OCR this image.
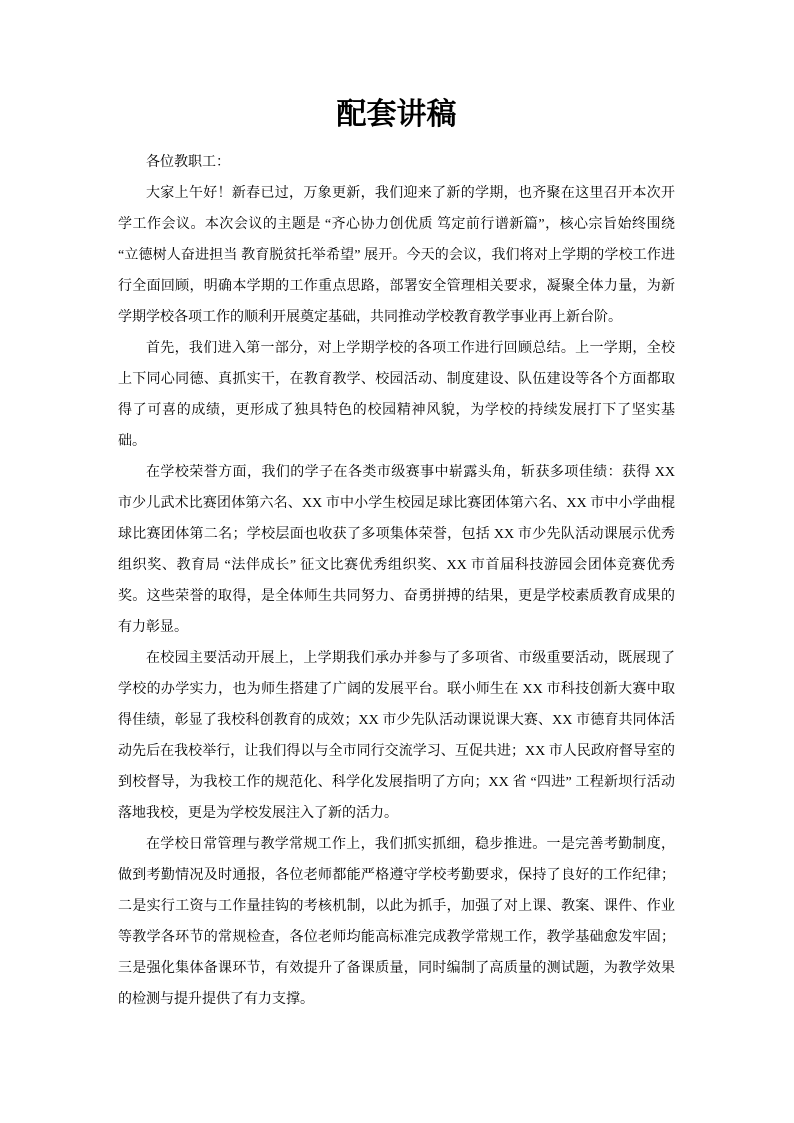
配套讲稿

各位教职工：

大家上午好！新春已过，万象更新，我们迎来了新的学期，也齐聚在这里召开本次开学工作会议。本次会议的主题是 “齐心协力创优质 笃定前行谱新篇”，核心宗旨始终围绕 “立德树人奋进担当 教育脱贫托举希望” 展开。今天的会议，我们将对上学期的学校工作进行全面回顾，明确本学期的工作重点思路，部署安全管理相关要求，凝聚全体力量，为新学期学校各项工作的顺利开展奠定基础，共同推动学校教育教学事业再上新台阶。

首先，我们进入第一部分，对上学期学校的各项工作进行回顾总结。上一学期，全校上下同心同德、真抓实干，在教育教学、校园活动、制度建设、队伍建设等各个方面都取得了可喜的成绩，更形成了独具特色的校园精神风貌，为学校的持续发展打下了坚实基础。

在学校荣誉方面，我们的学子在各类市级赛事中崭露头角，斩获多项佳绩：获得 XX 市少儿武术比赛团体第六名、XX 市中小学生校园足球比赛团体第六名、XX 市中小学曲棍球比赛团体第二名；学校层面也收获了多项集体荣誉，包括 XX 市少先队活动课展示优秀组织奖、教育局 “法伴成长” 征文比赛优秀组织奖、XX 市首届科技游园会团体竞赛优秀奖。这些荣誉的取得，是全体师生共同努力、奋勇拼搏的结果，更是学校素质教育成果的有力彰显。

在校园主要活动开展上，上学期我们承办并参与了多项省、市级重要活动，既展现了学校的办学实力，也为师生搭建了广阔的发展平台。联小师生在 XX 市科技创新大赛中取得佳绩，彰显了我校科创教育的成效；XX 市少先队活动课说课大赛、XX 市德育共同体活动先后在我校举行，让我们得以与全市同行交流学习、互促共进；XX 市人民政府督导室的到校督导，为我校工作的规范化、科学化发展指明了方向；XX 省 “四进” 工程新坝行活动落地我校，更是为学校发展注入了新的活力。

在学校日常管理与教学常规工作上，我们抓实抓细，稳步推进。一是完善考勤制度，做到考勤情况及时通报，各位老师都能严格遵守学校考勤要求，保持了良好的工作纪律；二是实行工资与工作量挂钩的考核机制，以此为抓手，加强了对上课、教案、课件、作业等教学各环节的常规检查，各位老师均能高标准完成教学常规工作，教学基础愈发牢固；三是强化集体备课环节，有效提升了备课质量，同时编制了高质量的测试题，为教学效果的检测与提升提供了有力支撑。
